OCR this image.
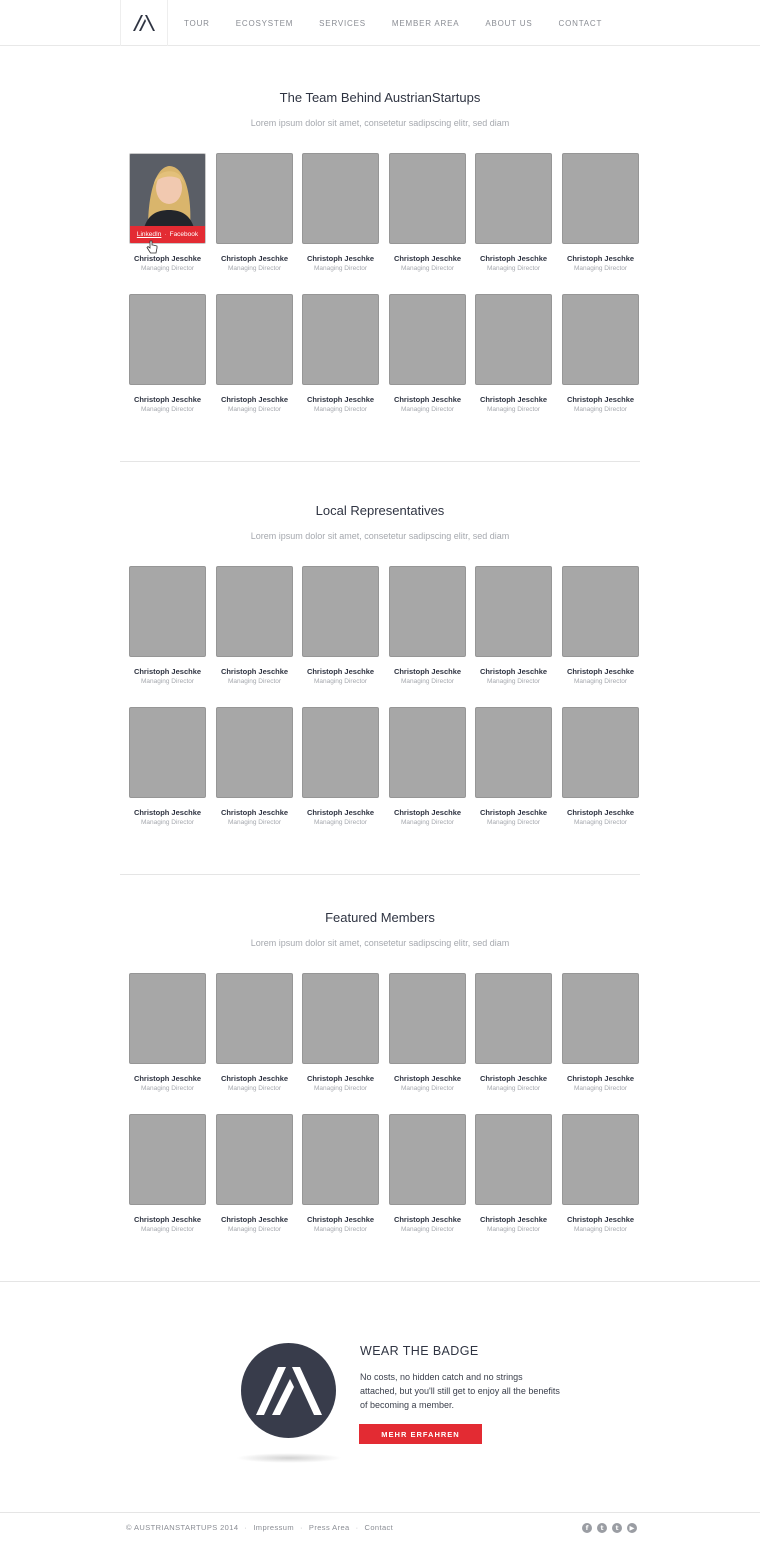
TOUR	ECOSYSTEM	SERVICES	MEMBER AREA	ABOUT US	CONTACT
The Team Behind AustrianStartups
Lorem ipsum dolor sit amet, consetetur sadipscing elitr, sed diam
LinkedIn · Facebook
Christoph Jeschke
Managing Director
Christoph Jeschke
Managing Director
Christoph Jeschke
Managing Director
Christoph Jeschke
Managing Director
Christoph Jeschke
Managing Director
Christoph Jeschke
Managing Director
Christoph Jeschke
Managing Director
Christoph Jeschke
Managing Director
Christoph Jeschke
Managing Director
Christoph Jeschke
Managing Director
Christoph Jeschke
Managing Director
Christoph Jeschke
Managing Director
Local Representatives
Lorem ipsum dolor sit amet, consetetur sadipscing elitr, sed diam
Christoph Jeschke
Managing Director
Christoph Jeschke
Managing Director
Christoph Jeschke
Managing Director
Christoph Jeschke
Managing Director
Christoph Jeschke
Managing Director
Christoph Jeschke
Managing Director
Christoph Jeschke
Managing Director
Christoph Jeschke
Managing Director
Christoph Jeschke
Managing Director
Christoph Jeschke
Managing Director
Christoph Jeschke
Managing Director
Christoph Jeschke
Managing Director
Featured Members
Lorem ipsum dolor sit amet, consetetur sadipscing elitr, sed diam
Christoph Jeschke
Managing Director
Christoph Jeschke
Managing Director
Christoph Jeschke
Managing Director
Christoph Jeschke
Managing Director
Christoph Jeschke
Managing Director
Christoph Jeschke
Managing Director
Christoph Jeschke
Managing Director
Christoph Jeschke
Managing Director
Christoph Jeschke
Managing Director
Christoph Jeschke
Managing Director
Christoph Jeschke
Managing Director
Christoph Jeschke
Managing Director
WEAR THE BADGE
No costs, no hidden catch and no strings attached, but you'll still get to enjoy all the benefits of becoming a member.
MEHR ERFAHREN
© AUSTRIANSTARTUPS 2014 · Impressum · Press Area · Contact	f	t	t	▶
